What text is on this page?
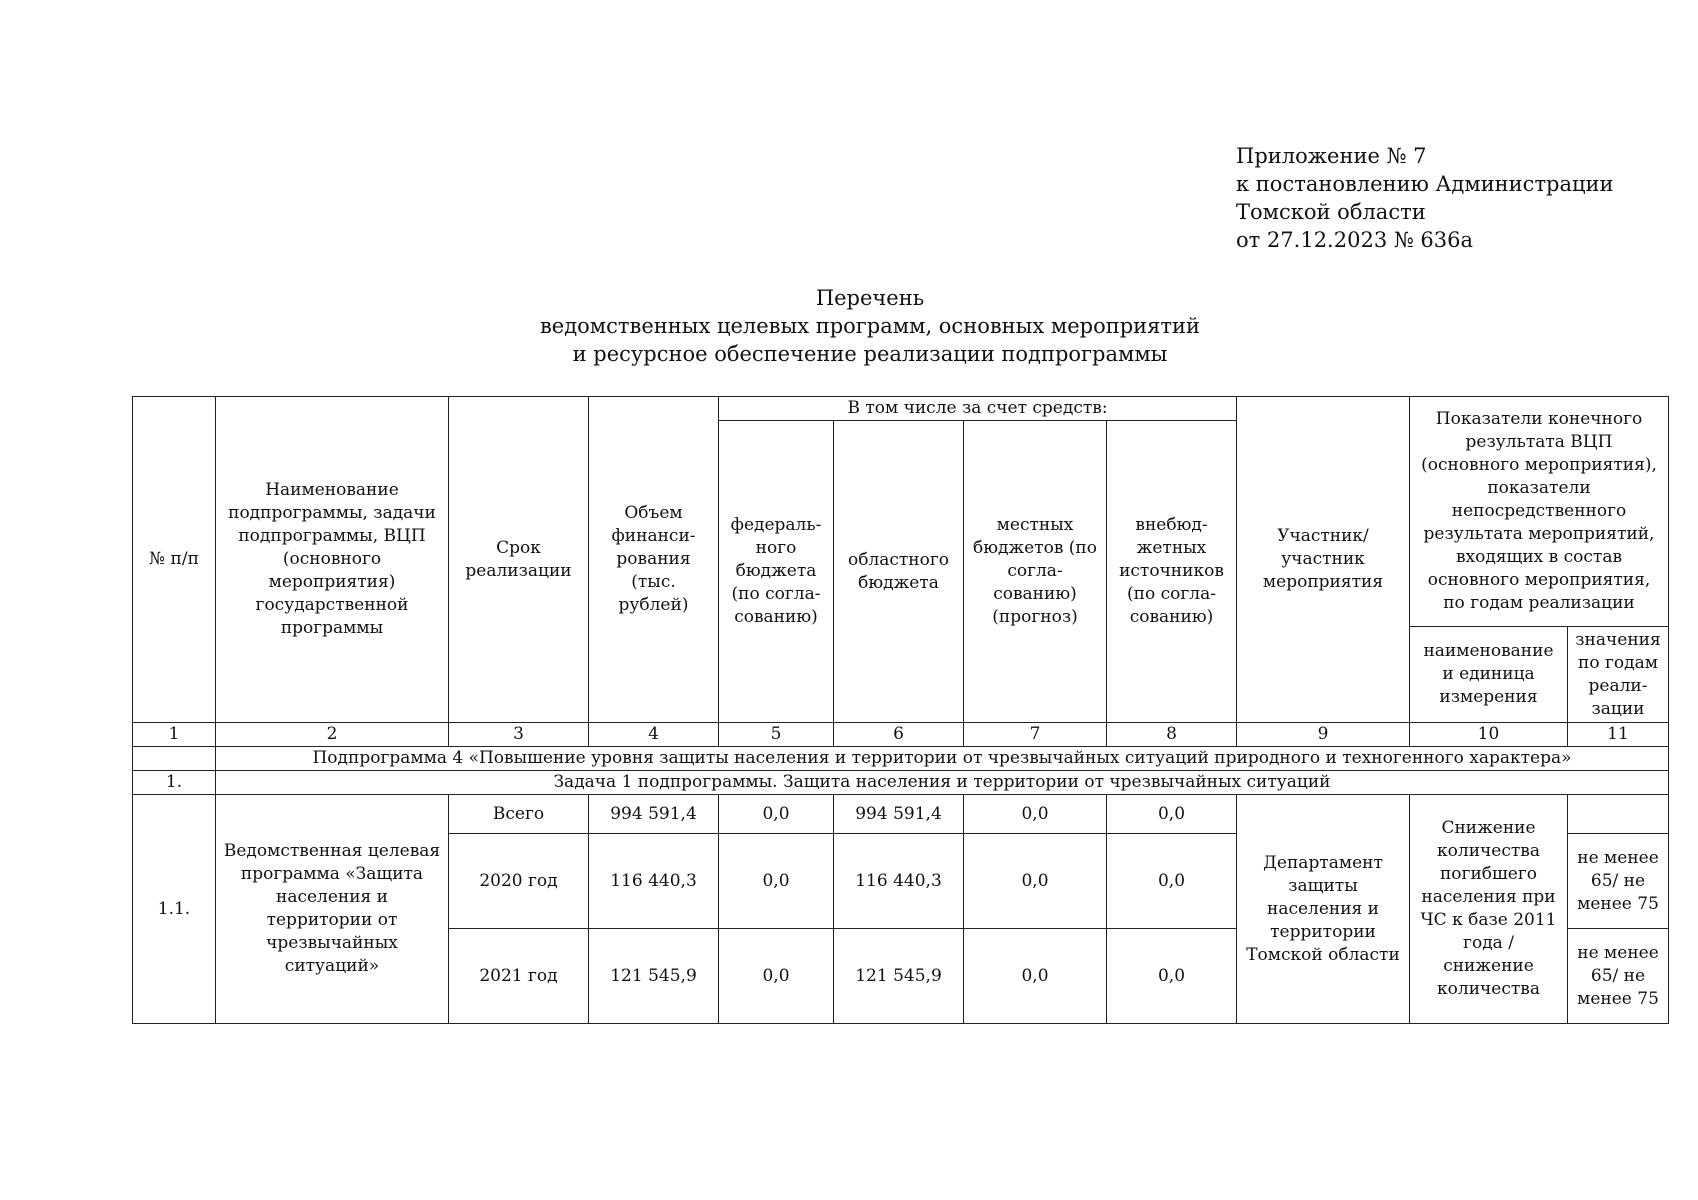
Приложение № 7
к постановлению Администрации
Томской области
от 27.12.2023 № 636а
Перечень
ведомственных целевых программ, основных мероприятий
и ресурсное обеспечение реализации подпрограммы
№ п/п	Наименование подпрограммы, задачи подпрограммы, ВЦП (основного мероприятия) государственной программы	Срок реализации	Объем финанси-рования (тыс. рублей)	В том числе за счет средств:				Участник/ участник мероприятия	Показатели конечного результата ВЦП (основного мероприятия), показатели непосредственного результата мероприятий, входящих в состав основного мероприятия, по годам реализации	
				федераль-ного бюджета (по согла-сованию)	областного бюджета	местных бюджетов (по согла-сованию) (прогноз)	внебюд-жетных источников (по согла-сованию)			
									наименование и единица измерения	значения по годам реали-зации
1	2	3	4	5	6	7	8	9	10	11
	Подпрограмма 4 «Повышение уровня защиты населения и территории от чрезвычайных ситуаций природного и техногенного характера»									
1.	Задача 1 подпрограммы. Защита населения и территории от чрезвычайных ситуаций									
1.1.	Ведомственная целевая программа «Защита населения и территории от чрезвычайных ситуаций»	Всего	994 591,4	0,0	994 591,4	0,0	0,0	Департамент защиты населения и территории Томской области	Снижение количества погибшего населения при ЧС к базе 2011 года / снижение количества	
		2020 год	116 440,3	0,0	116 440,3	0,0	0,0			не менее 65/ не менее 75
		2021 год	121 545,9	0,0	121 545,9	0,0	0,0			не менее 65/ не менее 75
